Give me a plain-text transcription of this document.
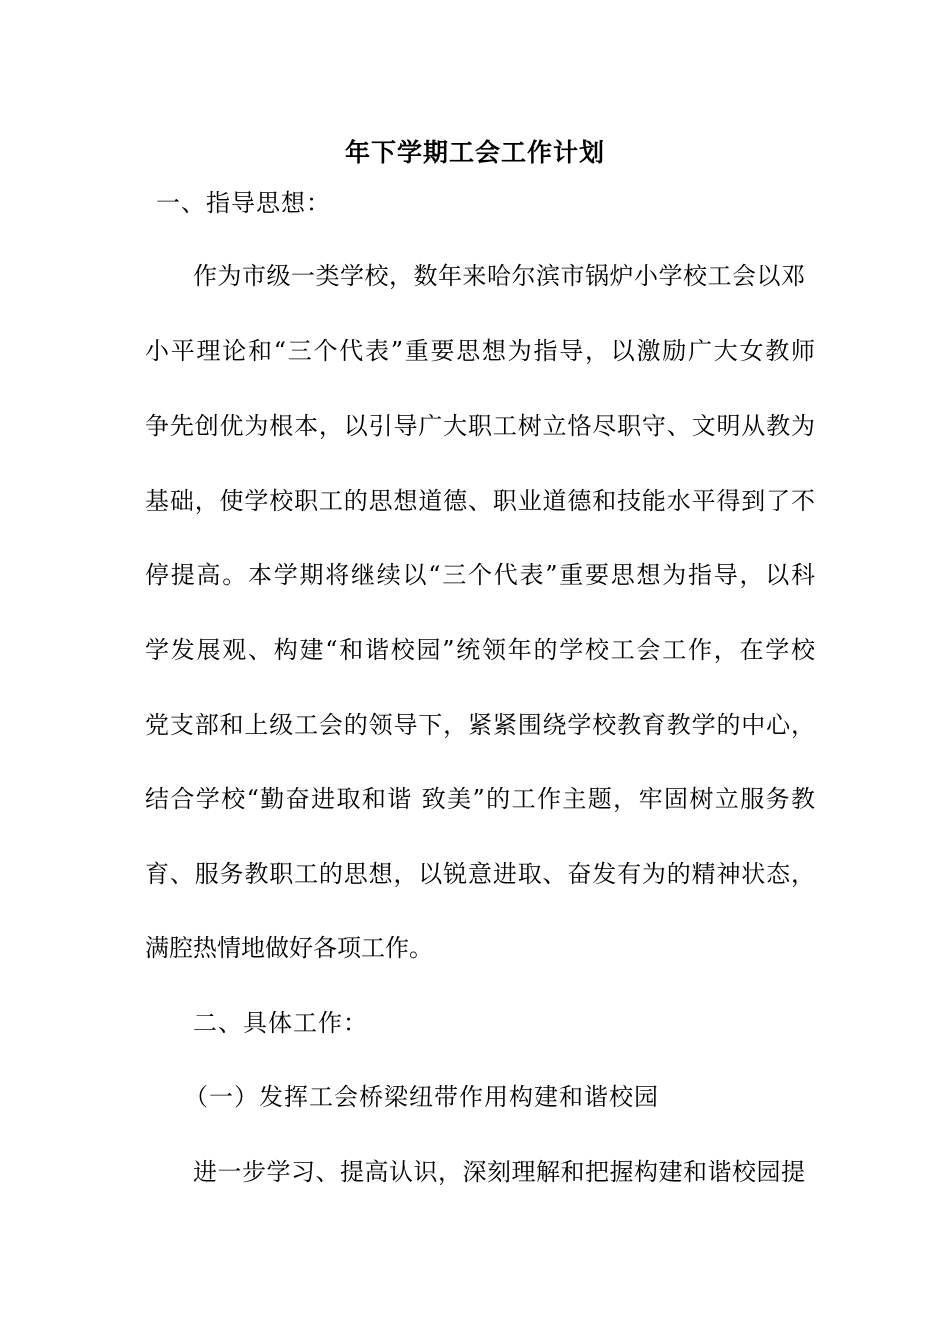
年下学期工会工作计划
一、指导思想：
作为市级一类学校，数年来哈尔滨市锅炉小学校工会以邓
小平理论和“三个代表”重要思想为指导，以激励广大女教师
争先创优为根本，以引导广大职工树立恪尽职守、文明从教为
基础，使学校职工的思想道德、职业道德和技能水平得到了不
停提高。本学期将继续以“三个代表”重要思想为指导，以科
学发展观、构建“和谐校园”统领年的学校工会工作，在学校
党支部和上级工会的领导下，紧紧围绕学校教育教学的中心，
结合学校“勤奋进取和谐 致美”的工作主题，牢固树立服务教
育、服务教职工的思想，以锐意进取、奋发有为的精神状态，
满腔热情地做好各项工作。
二、具体工作：
（一）发挥工会桥梁纽带作用构建和谐校园
进一步学习、提高认识，深刻理解和把握构建和谐校园提
